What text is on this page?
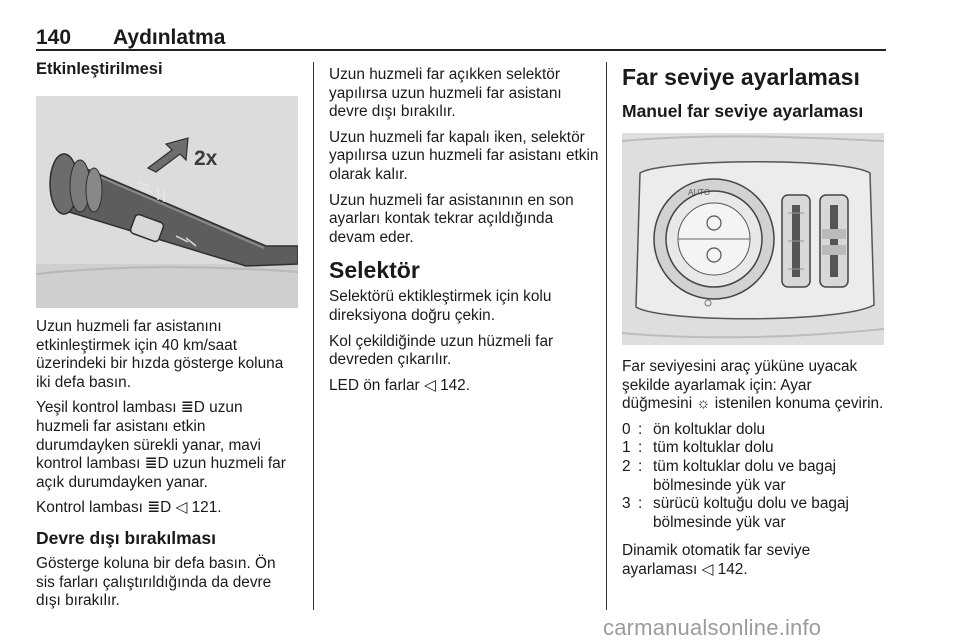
140 Aydınlatma
Etkinleştirilmesi
2x

Uzun huzmeli far asistanını etkinleştirmek için 40 km/saat üzerindeki bir hızda gösterge koluna iki defa basın.

Yeşil kontrol lambası ≣D uzun huzmeli far asistanı etkin durumdayken sürekli yanar, mavi kontrol lambası ≣D uzun huzmeli far açık durumdayken yanar.

Kontrol lambası ≣D ◁ 121.

Devre dışı bırakılması

Gösterge koluna bir defa basın. Ön sis farları çalıştırıldığında da devre dışı bırakılır.

Uzun huzmeli far açıkken selektör yapılırsa uzun huzmeli far asistanı devre dışı bırakılır.

Uzun huzmeli far kapalı iken, selektör yapılırsa uzun huzmeli far asistanı etkin olarak kalır.

Uzun huzmeli far asistanının en son ayarları kontak tekrar açıldığında devam eder.

Selektör

Selektörü ektikleştirmek için kolu direksiyona doğru çekin.

Kol çekildiğinde uzun hüzmeli far devreden çıkarılır.

LED ön farlar ◁ 142.

Far seviye ayarlaması
Manuel far seviye ayarlaması
AUTO

Far seviyesini araç yüküne uyacak şekilde ayarlamak için: Ayar düğmesini ☼ istenilen konuma çevirin.

0 : ön koltuklar dolu
1 : tüm koltuklar dolu
2 : tüm koltuklar dolu ve bagaj bölmesinde yük var
3 : sürücü koltuğu dolu ve bagaj bölmesinde yük var

Dinamik otomatik far seviye ayarlaması ◁ 142.

carmanualsonline.info
